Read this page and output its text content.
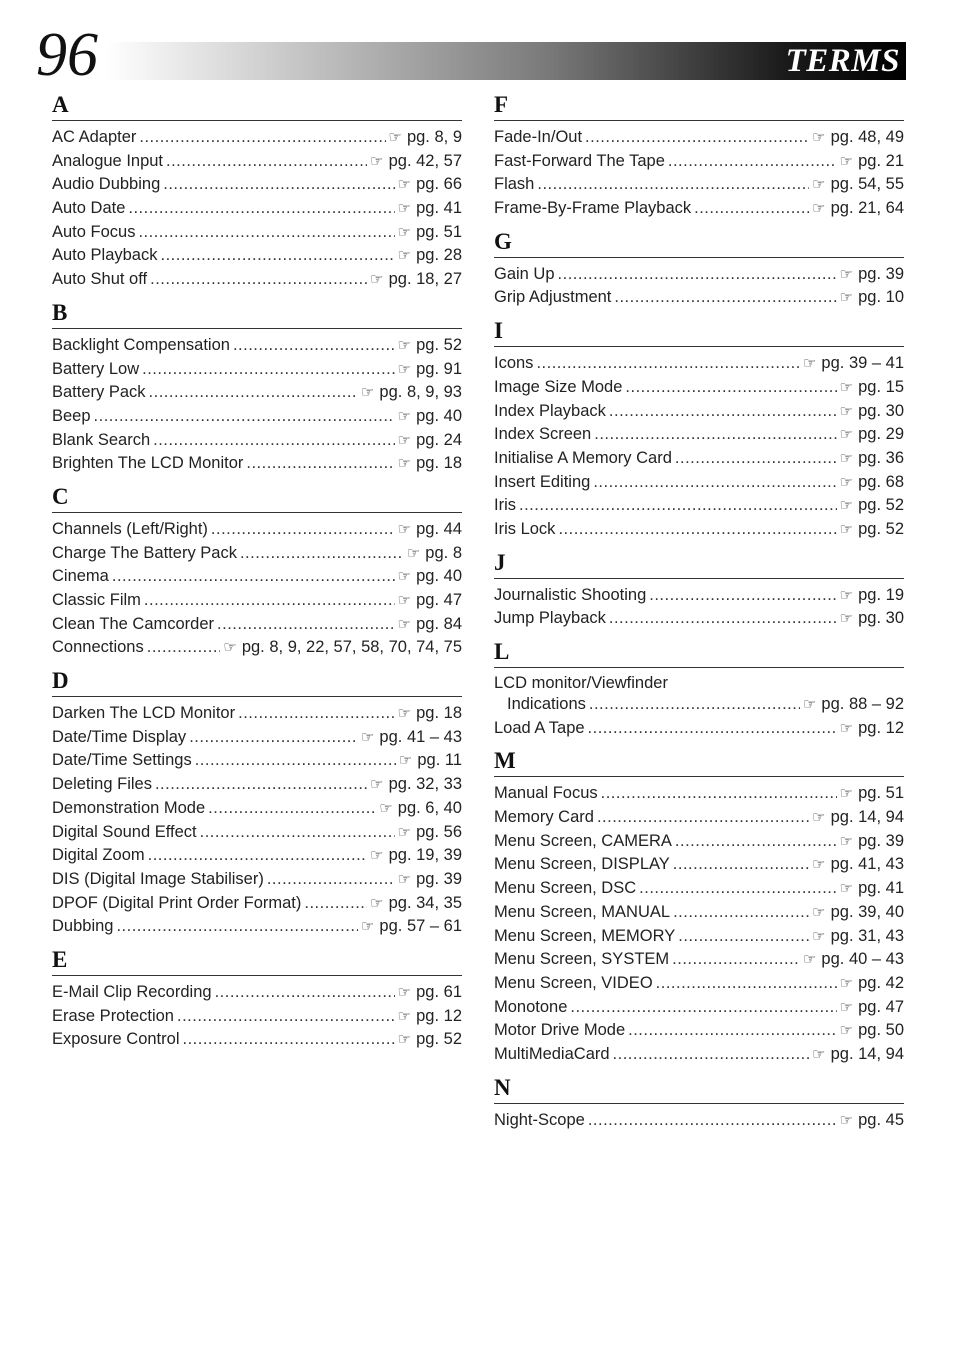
96	TERMS
A
AC Adapter .....	☞ pg. 8, 9
Analogue Input .....	☞ pg. 42, 57
Audio Dubbing .....	☞ pg. 66
Auto Date .....	☞ pg. 41
Auto Focus .....	☞ pg. 51
Auto Playback .....	☞ pg. 28
Auto Shut off .....	☞ pg. 18, 27
B
Backlight Compensation .....	☞ pg. 52
Battery Low .....	☞ pg. 91
Battery Pack .....	☞ pg. 8, 9, 93
Beep .....	☞ pg. 40
Blank Search .....	☞ pg. 24
Brighten The LCD Monitor .....	☞ pg. 18
C
Channels (Left/Right) .....	☞ pg. 44
Charge The Battery Pack .....	☞ pg. 8
Cinema .....	☞ pg. 40
Classic Film .....	☞ pg. 47
Clean The Camcorder .....	☞ pg. 84
Connections .....	☞ pg. 8, 9, 22, 57, 58, 70, 74, 75
D
Darken The LCD Monitor .....	☞ pg. 18
Date/Time Display .....	☞ pg. 41 – 43
Date/Time Settings .....	☞ pg. 11
Deleting Files .....	☞ pg. 32, 33
Demonstration Mode .....	☞ pg. 6, 40
Digital Sound Effect .....	☞ pg. 56
Digital Zoom .....	☞ pg. 19, 39
DIS (Digital Image Stabiliser) .....	☞ pg. 39
DPOF (Digital Print Order Format) .....	☞ pg. 34, 35
Dubbing .....	☞ pg. 57 – 61
E
E-Mail Clip Recording .....	☞ pg. 61
Erase Protection .....	☞ pg. 12
Exposure Control .....	☞ pg. 52
F
Fade-In/Out .....	☞ pg. 48, 49
Fast-Forward The Tape .....	☞ pg. 21
Flash .....	☞ pg. 54, 55
Frame-By-Frame Playback .....	☞ pg. 21, 64
G
Gain Up .....	☞ pg. 39
Grip Adjustment .....	☞ pg. 10
I
Icons .....	☞ pg. 39 – 41
Image Size Mode .....	☞ pg. 15
Index Playback .....	☞ pg. 30
Index Screen .....	☞ pg. 29
Initialise A Memory Card .....	☞ pg. 36
Insert Editing .....	☞ pg. 68
Iris .....	☞ pg. 52
Iris Lock .....	☞ pg. 52
J
Journalistic Shooting .....	☞ pg. 19
Jump Playback .....	☞ pg. 30
L
LCD monitor/Viewfinder
Indications .....	☞ pg. 88 – 92
Load A Tape .....	☞ pg. 12
M
Manual Focus .....	☞ pg. 51
Memory Card .....	☞ pg. 14, 94
Menu Screen, CAMERA .....	☞ pg. 39
Menu Screen, DISPLAY .....	☞ pg. 41, 43
Menu Screen, DSC .....	☞ pg. 41
Menu Screen, MANUAL .....	☞ pg. 39, 40
Menu Screen, MEMORY .....	☞ pg. 31, 43
Menu Screen, SYSTEM .....	☞ pg. 40 – 43
Menu Screen, VIDEO .....	☞ pg. 42
Monotone .....	☞ pg. 47
Motor Drive Mode .....	☞ pg. 50
MultiMediaCard .....	☞ pg. 14, 94
N
Night-Scope .....	☞ pg. 45
